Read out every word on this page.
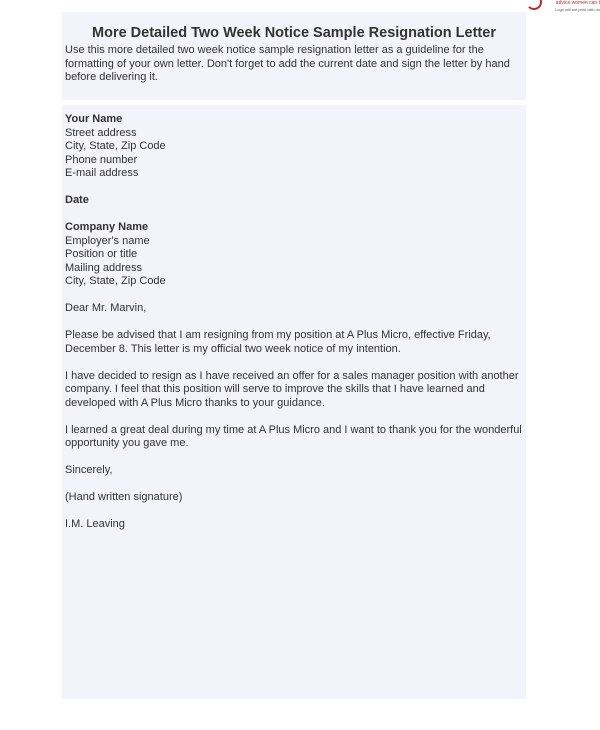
advice women can t
Logo will not print with do
More Detailed Two Week Notice Sample Resignation Letter
Use this more detailed two week notice sample resignation letter as a guideline for the formatting of your own letter. Don't forget to add the current date and sign the letter by hand before delivering it.
Your Name
Street address
City, State, Zip Code
Phone number
E-mail address
Date
Company Name
Employer's name
Position or title
Mailing address
City, State, Zip Code
Dear Mr. Marvin,
Please be advised that I am resigning from my position at A Plus Micro, effective Friday, December 8. This letter is my official two week notice of my intention.
I have decided to resign as I have received an offer for a sales manager position with another company. I feel that this position will serve to improve the skills that I have learned and developed with A Plus Micro thanks to your guidance.
I learned a great deal during my time at A Plus Micro and I want to thank you for the wonderful opportunity you gave me.
Sincerely,
(Hand written signature)
I.M. Leaving
